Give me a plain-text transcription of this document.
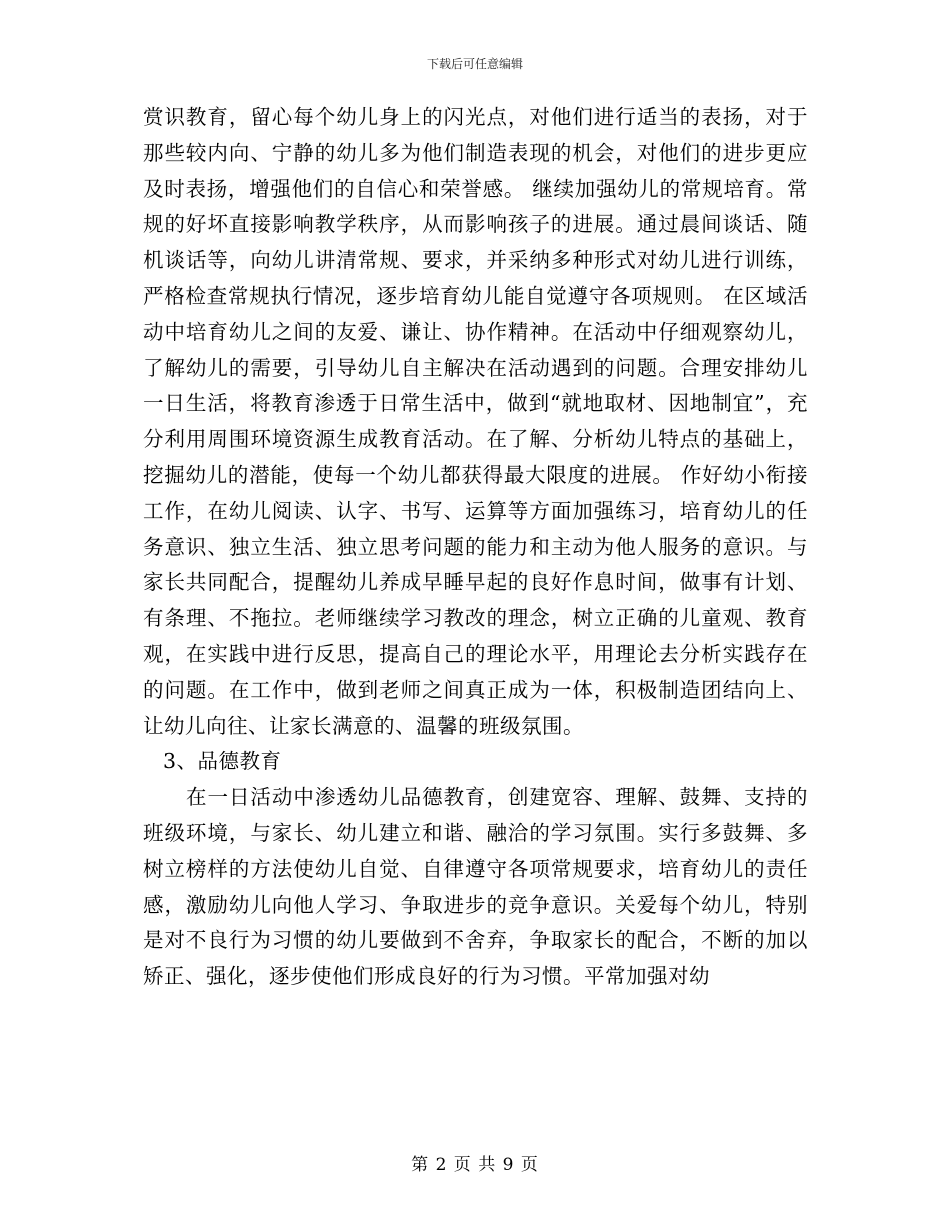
下载后可任意编辑

赏识教育，留心每个幼儿身上的闪光点，对他们进行适当的表扬，对于那些较内向、宁静的幼儿多为他们制造表现的机会，对他们的进步更应及时表扬，增强他们的自信心和荣誉感。 继续加强幼儿的常规培育。常规的好坏直接影响教学秩序，从而影响孩子的进展。通过晨间谈话、随机谈话等，向幼儿讲清常规、要求，并采纳多种形式对幼儿进行训练，严格检查常规执行情况，逐步培育幼儿能自觉遵守各项规则。 在区域活动中培育幼儿之间的友爱、谦让、协作精神。在活动中仔细观察幼儿，了解幼儿的需要，引导幼儿自主解决在活动遇到的问题。合理安排幼儿一日生活，将教育渗透于日常生活中，做到“就地取材、因地制宜”，充分利用周围环境资源生成教育活动。在了解、分析幼儿特点的基础上，挖掘幼儿的潜能，使每一个幼儿都获得最大限度的进展。 作好幼小衔接工作，在幼儿阅读、认字、书写、运算等方面加强练习，培育幼儿的任务意识、独立生活、独立思考问题的能力和主动为他人服务的意识。与家长共同配合，提醒幼儿养成早睡早起的良好作息时间，做事有计划、有条理、不拖拉。老师继续学习教改的理念，树立正确的儿童观、教育观，在实践中进行反思，提高自己的理论水平，用理论去分析实践存在的问题。在工作中，做到老师之间真正成为一体，积极制造团结向上、让幼儿向往、让家长满意的、温馨的班级氛围。

3、品德教育

在一日活动中渗透幼儿品德教育，创建宽容、理解、鼓舞、支持的班级环境，与家长、幼儿建立和谐、融洽的学习氛围。实行多鼓舞、多树立榜样的方法使幼儿自觉、自律遵守各项常规要求，培育幼儿的责任感，激励幼儿向他人学习、争取进步的竞争意识。关爱每个幼儿，特别是对不良行为习惯的幼儿要做到不舍弃，争取家长的配合，不断的加以矫正、强化，逐步使他们形成良好的行为习惯。平常加强对幼

第 2 页 共 9 页
